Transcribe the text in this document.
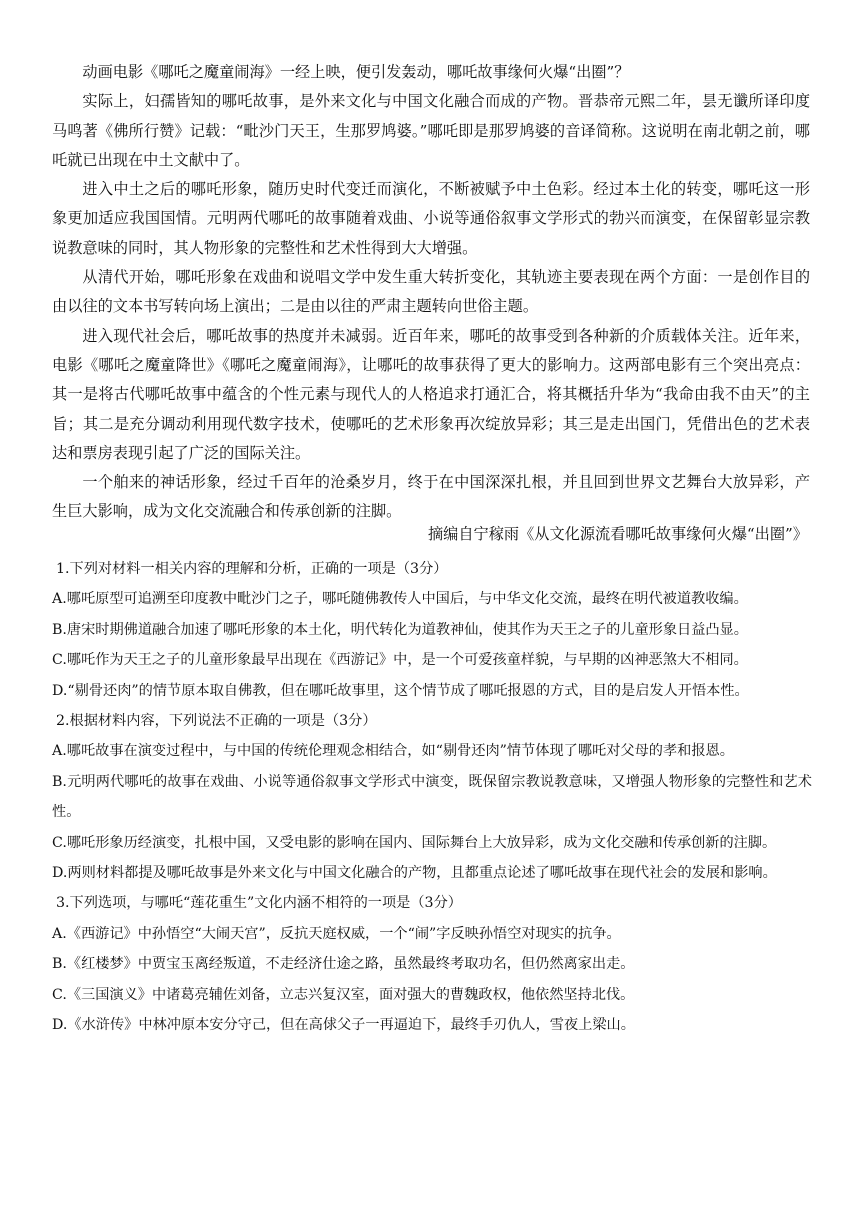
动画电影《哪吒之魔童闹海》一经上映，便引发轰动，哪吒故事缘何火爆“出圈”？

实际上，妇孺皆知的哪吒故事，是外来文化与中国文化融合而成的产物。晋恭帝元熙二年，昙无谶所译印度马鸣著《佛所行赞》记载：“毗沙门天王，生那罗鸠婆。”哪吒即是那罗鸠婆的音译简称。这说明在南北朝之前，哪吒就已出现在中土文献中了。

进入中土之后的哪吒形象，随历史时代变迁而演化，不断被赋予中土色彩。经过本土化的转变，哪吒这一形象更加适应我国国情。元明两代哪吒的故事随着戏曲、小说等通俗叙事文学形式的勃兴而演变，在保留彰显宗教说教意味的同时，其人物形象的完整性和艺术性得到大大增强。

从清代开始，哪吒形象在戏曲和说唱文学中发生重大转折变化，其轨迹主要表现在两个方面：一是创作目的由以往的文本书写转向场上演出；二是由以往的严肃主题转向世俗主题。

进入现代社会后，哪吒故事的热度并未减弱。近百年来，哪吒的故事受到各种新的介质载体关注。近年来，电影《哪吒之魔童降世》《哪吒之魔童闹海》，让哪吒的故事获得了更大的影响力。这两部电影有三个突出亮点：其一是将古代哪吒故事中蕴含的个性元素与现代人的人格追求打通汇合，将其概括升华为“我命由我不由天”的主旨；其二是充分调动利用现代数字技术，使哪吒的艺术形象再次绽放异彩；其三是走出国门，凭借出色的艺术表达和票房表现引起了广泛的国际关注。

一个舶来的神话形象，经过千百年的沧桑岁月，终于在中国深深扎根，并且回到世界文艺舞台大放异彩，产生巨大影响，成为文化交流融合和传承创新的注脚。

摘编自宁稼雨《从文化源流看哪吒故事缘何火爆“出圈”》

1.下列对材料一相关内容的理解和分析，正确的一项是（3分）

A.哪吒原型可追溯至印度教中毗沙门之子，哪吒随佛教传人中国后，与中华文化交流，最终在明代被道教收编。

B.唐宋时期佛道融合加速了哪吒形象的本土化，明代转化为道教神仙，使其作为天王之子的儿童形象日益凸显。

C.哪吒作为天王之子的儿童形象最早出现在《西游记》中，是一个可爱孩童样貌，与早期的凶神恶煞大不相同。

D.“剔骨还肉”的情节原本取自佛教，但在哪吒故事里，这个情节成了哪吒报恩的方式，目的是启发人开悟本性。

2.根据材料内容，下列说法不正确的一项是（3分）

A.哪吒故事在演变过程中，与中国的传统伦理观念相结合，如“剔骨还肉”情节体现了哪吒对父母的孝和报恩。

B.元明两代哪吒的故事在戏曲、小说等通俗叙事文学形式中演变，既保留宗教说教意味，又增强人物形象的完整性和艺术性。

C.哪吒形象历经演变，扎根中国，又受电影的影响在国内、国际舞台上大放异彩，成为文化交融和传承创新的注脚。

D.两则材料都提及哪吒故事是外来文化与中国文化融合的产物，且都重点论述了哪吒故事在现代社会的发展和影响。

3.下列选项，与哪吒“莲花重生”文化内涵不相符的一项是（3分）

A.《西游记》中孙悟空“大闹天宫”，反抗天庭权威，一个“闹”字反映孙悟空对现实的抗争。

B.《红楼梦》中贾宝玉离经叛道，不走经济仕途之路，虽然最终考取功名，但仍然离家出走。

C.《三国演义》中诸葛亮辅佐刘备，立志兴复汉室，面对强大的曹魏政权，他依然坚持北伐。

D.《水浒传》中林冲原本安分守己，但在高俅父子一再逼迫下，最终手刃仇人，雪夜上梁山。
